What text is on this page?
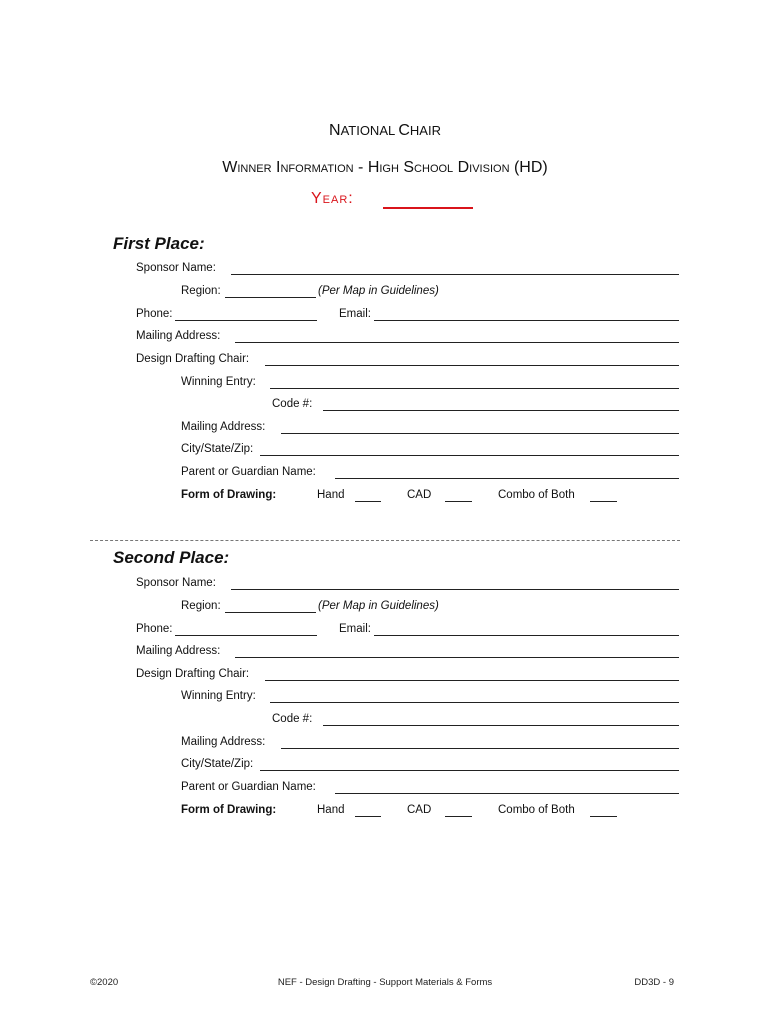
NATIONAL CHAIR
Winner Information - High School Division (HD)
Year:
First Place:
Sponsor Name:
Region:	(Per Map in Guidelines)
Phone:	Email:
Mailing Address:
Design Drafting Chair:
Winning Entry:
Code #:
Mailing Address:
City/State/Zip:
Parent or Guardian Name:
Form of Drawing:	Hand	CAD	Combo of Both
Second Place:
Sponsor Name:
Region:	(Per Map in Guidelines)
Phone:	Email:
Mailing Address:
Design Drafting Chair:
Winning Entry:
Code #:
Mailing Address:
City/State/Zip:
Parent or Guardian Name:
Form of Drawing:	Hand	CAD	Combo of Both
©2020	NEF - Design Drafting - Support Materials & Forms	DD3D - 9
